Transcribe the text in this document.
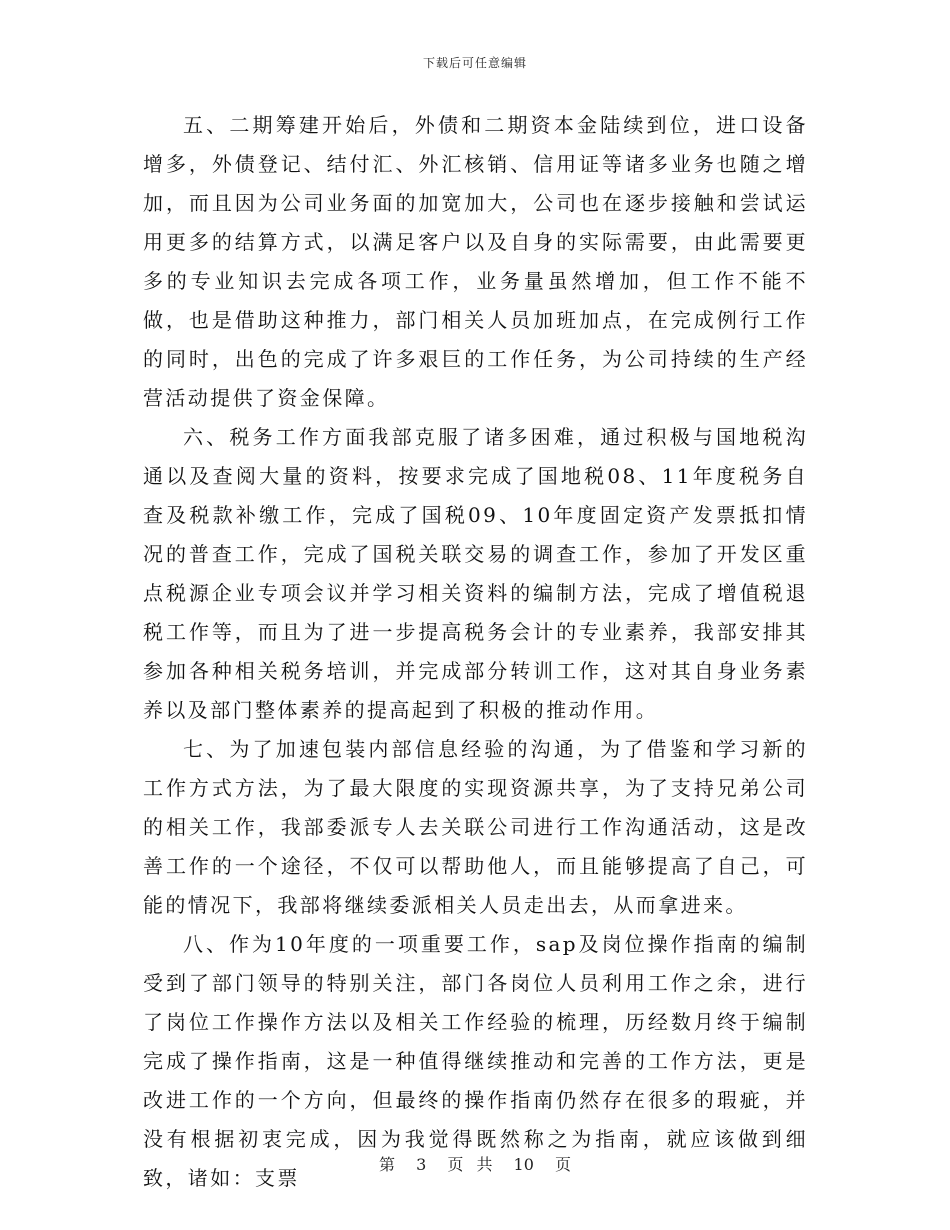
下载后可任意编辑

五、二期筹建开始后，外债和二期资本金陆续到位，进口设备增多，外债登记、结付汇、外汇核销、信用证等诸多业务也随之增加，而且因为公司业务面的加宽加大，公司也在逐步接触和尝试运用更多的结算方式，以满足客户以及自身的实际需要，由此需要更多的专业知识去完成各项工作，业务量虽然增加，但工作不能不做，也是借助这种推力，部门相关人员加班加点，在完成例行工作的同时，出色的完成了许多艰巨的工作任务，为公司持续的生产经营活动提供了资金保障。

六、税务工作方面我部克服了诸多困难，通过积极与国地税沟通以及查阅大量的资料，按要求完成了国地税08、11年度税务自查及税款补缴工作，完成了国税09、10年度固定资产发票抵扣情况的普查工作，完成了国税关联交易的调查工作，参加了开发区重点税源企业专项会议并学习相关资料的编制方法，完成了增值税退税工作等，而且为了进一步提高税务会计的专业素养，我部安排其参加各种相关税务培训，并完成部分转训工作，这对其自身业务素养以及部门整体素养的提高起到了积极的推动作用。

七、为了加速包装内部信息经验的沟通，为了借鉴和学习新的工作方式方法，为了最大限度的实现资源共享，为了支持兄弟公司的相关工作，我部委派专人去关联公司进行工作沟通活动，这是改善工作的一个途径，不仅可以帮助他人，而且能够提高了自己，可能的情况下，我部将继续委派相关人员走出去，从而拿进来。

八、作为10年度的一项重要工作，sap及岗位操作指南的编制受到了部门领导的特别关注，部门各岗位人员利用工作之余，进行了岗位工作操作方法以及相关工作经验的梳理，历经数月终于编制完成了操作指南，这是一种值得继续推动和完善的工作方法，更是改进工作的一个方向，但最终的操作指南仍然存在很多的瑕疵，并没有根据初衷完成，因为我觉得既然称之为指南，就应该做到细致，诸如：支票

第 3 页 共 10 页
